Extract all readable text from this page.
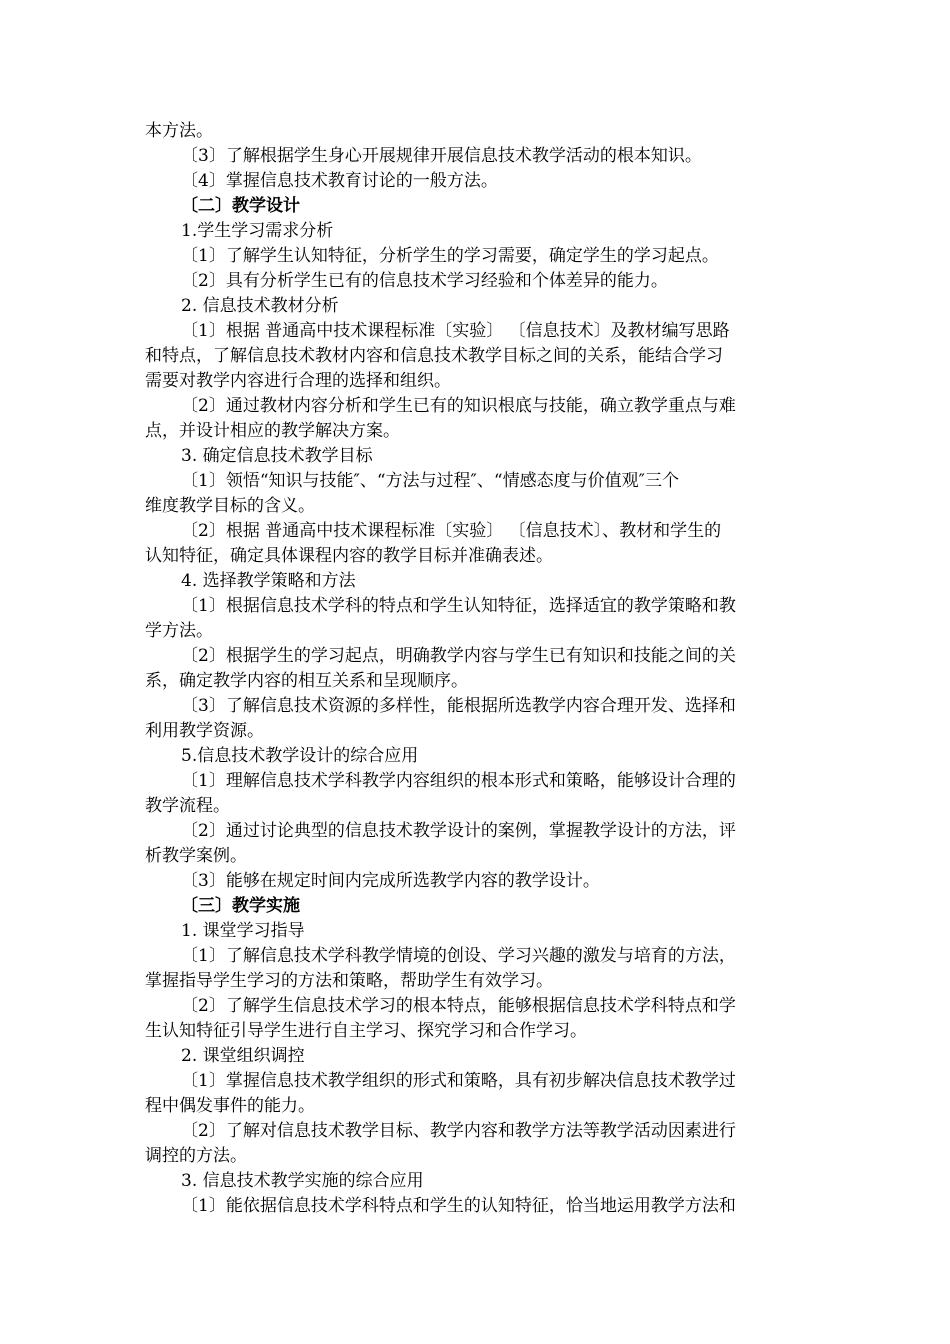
本方法。
〔3〕了解根据学生身心开展规律开展信息技术教学活动的根本知识。
〔4〕掌握信息技术教育讨论的一般方法。
〔二〕教学设计
1.学生学习需求分析
〔1〕了解学生认知特征，分析学生的学习需要，确定学生的学习起点。
〔2〕具有分析学生已有的信息技术学习经验和个体差异的能力。
2. 信息技术教材分析
〔1〕根据 普通高中技术课程标准〔实验〕 〔信息技术〕及教材编写思路
和特点，了解信息技术教材内容和信息技术教学目标之间的关系，能结合学习
需要对教学内容进行合理的选择和组织。
〔2〕通过教材内容分析和学生已有的知识根底与技能，确立教学重点与难
点，并设计相应的教学解决方案。
3. 确定信息技术教学目标
〔1〕领悟“知识与技能″、“方法与过程″、“情感态度与价值观″三个
维度教学目标的含义。
〔2〕根据 普通高中技术课程标准〔实验〕 〔信息技术〕、教材和学生的
认知特征，确定具体课程内容的教学目标并准确表述。
4. 选择教学策略和方法
〔1〕根据信息技术学科的特点和学生认知特征，选择适宜的教学策略和教
学方法。
〔2〕根据学生的学习起点，明确教学内容与学生已有知识和技能之间的关
系，确定教学内容的相互关系和呈现顺序。
〔3〕了解信息技术资源的多样性，能根据所选教学内容合理开发、选择和
利用教学资源。
5.信息技术教学设计的综合应用
〔1〕理解信息技术学科教学内容组织的根本形式和策略，能够设计合理的
教学流程。
〔2〕通过讨论典型的信息技术教学设计的案例，掌握教学设计的方法，评
析教学案例。
〔3〕能够在规定时间内完成所选教学内容的教学设计。
〔三〕教学实施
1. 课堂学习指导
〔1〕了解信息技术学科教学情境的创设、学习兴趣的激发与培育的方法，
掌握指导学生学习的方法和策略，帮助学生有效学习。
〔2〕了解学生信息技术学习的根本特点，能够根据信息技术学科特点和学
生认知特征引导学生进行自主学习、探究学习和合作学习。
2. 课堂组织调控
〔1〕掌握信息技术教学组织的形式和策略，具有初步解决信息技术教学过
程中偶发事件的能力。
〔2〕了解对信息技术教学目标、教学内容和教学方法等教学活动因素进行
调控的方法。
3. 信息技术教学实施的综合应用
〔1〕能依据信息技术学科特点和学生的认知特征，恰当地运用教学方法和
